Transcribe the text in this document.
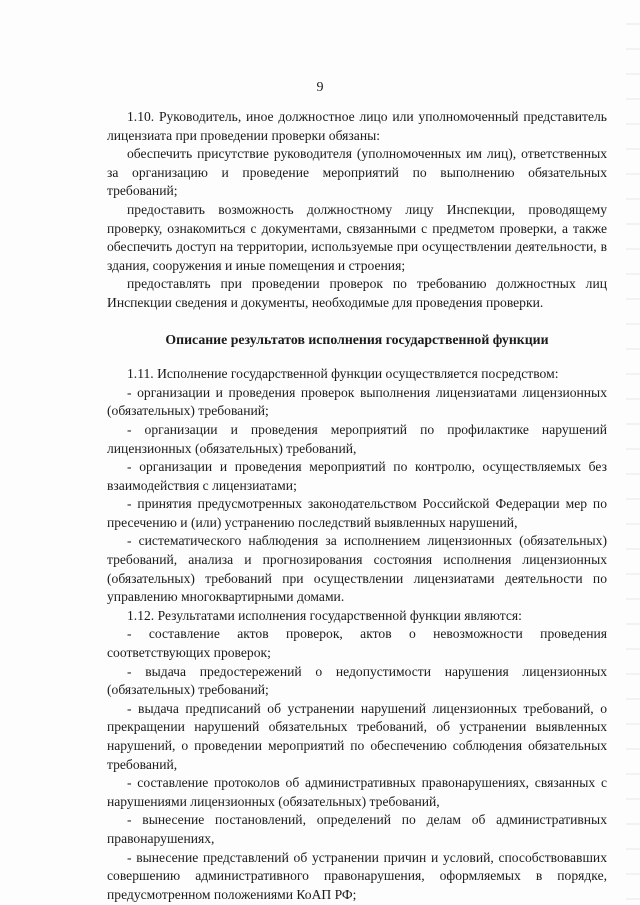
9

1.10. Руководитель, иное должностное лицо или уполномоченный представитель лицензиата при проведении проверки обязаны:

обеспечить присутствие руководителя (уполномоченных им лиц), ответственных за организацию и проведение мероприятий по выполнению обязательных требований;

предоставить возможность должностному лицу Инспекции, проводящему проверку, ознакомиться с документами, связанными с предметом проверки, а также обеспечить доступ на территории, используемые при осуществлении деятельности, в здания, сооружения и иные помещения и строения;

предоставлять при проведении проверок по требованию должностных лиц Инспекции сведения и документы, необходимые для проведения проверки.

Описание результатов исполнения государственной функции

1.11. Исполнение государственной функции осуществляется посредством:

- организации и проведения проверок выполнения лицензиатами лицензионных (обязательных) требований;

- организации и проведения мероприятий по профилактике нарушений лицензионных (обязательных) требований,

- организации и проведения мероприятий по контролю, осуществляемых без взаимодействия с лицензиатами;

- принятия предусмотренных законодательством Российской Федерации мер по пресечению и (или) устранению последствий выявленных нарушений,

- систематического наблюдения за исполнением лицензионных (обязательных) требований, анализа и прогнозирования состояния исполнения лицензионных (обязательных) требований при осуществлении лицензиатами деятельности по управлению многоквартирными домами.

1.12. Результатами исполнения государственной функции являются:

- составление актов проверок, актов о невозможности проведения соответствующих проверок;

- выдача предостережений о недопустимости нарушения лицензионных (обязательных) требований;

- выдача предписаний об устранении нарушений лицензионных требований, о прекращении нарушений обязательных требований, об устранении выявленных нарушений, о проведении мероприятий по обеспечению соблюдения обязательных требований,

- составление протоколов об административных правонарушениях, связанных с нарушениями лицензионных (обязательных) требований,

- вынесение постановлений, определений по делам об административных правонарушениях,

- вынесение представлений об устранении причин и условий, способствовавших совершению административного правонарушения, оформляемых в порядке, предусмотренном положениями КоАП РФ;
